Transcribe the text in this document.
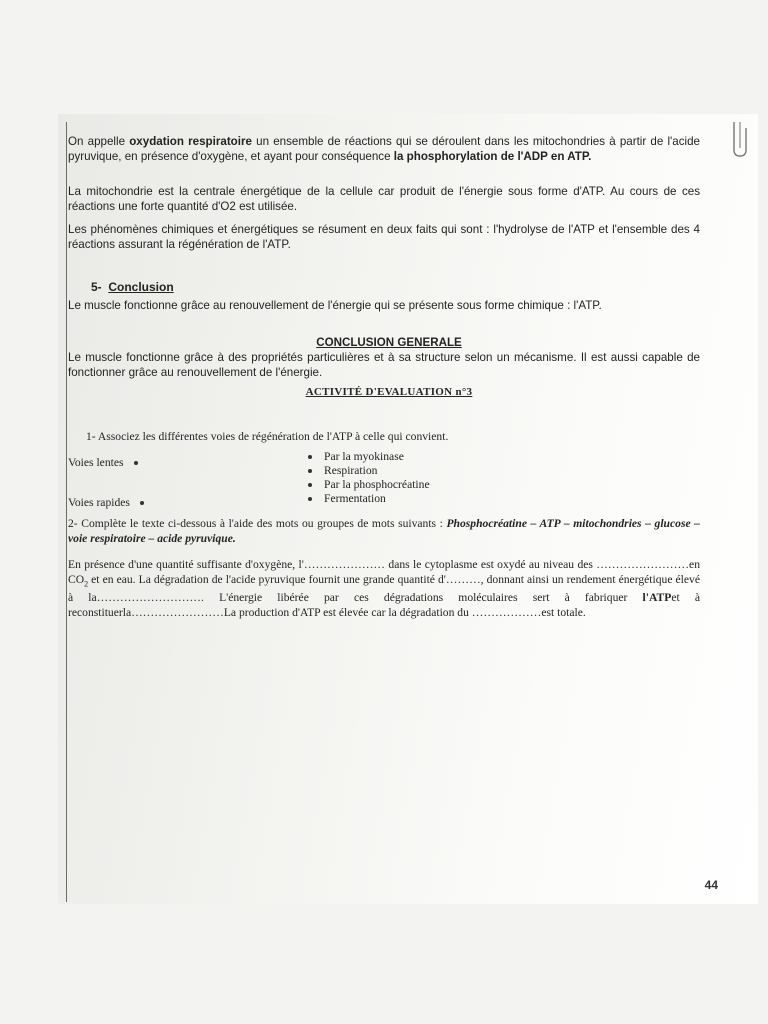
On appelle oxydation respiratoire un ensemble de réactions qui se déroulent dans les mitochondries à partir de l'acide pyruvique, en présence d'oxygène, et ayant pour conséquence la phosphorylation de l'ADP en ATP.

La mitochondrie est la centrale énergétique de la cellule car produit de l'énergie sous forme d'ATP. Au cours de ces réactions une forte quantité d'O2 est utilisée.

Les phénomènes chimiques et énergétiques se résument en deux faits qui sont : l'hydrolyse de l'ATP et l'ensemble des 4 réactions assurant la régénération de l'ATP.

5- Conclusion

Le muscle fonctionne grâce au renouvellement de l'énergie qui se présente sous forme chimique : l'ATP.

CONCLUSION GENERALE

Le muscle fonctionne grâce à des propriétés particulières et à sa structure selon un mécanisme. Il est aussi capable de fonctionner grâce au renouvellement de l'énergie.

ACTIVITÉ D'EVALUATION n°3
1- Associez les différentes voies de régénération de l'ATP à celle qui convient.
Voies lentes
Voies rapides
Par la myokinase
Respiration
Par la phosphocréatine
Fermentation

2- Complète le texte ci-dessous à l'aide des mots ou groupes de mots suivants : Phosphocréatine – ATP – mitochondries – glucose – voie respiratoire – acide pyruvique.

En présence d'une quantité suffisante d'oxygène, l'………………… dans le cytoplasme est oxydé au niveau des ……………………en $CO_2$ et en eau. La dégradation de l'acide pyruvique fournit une grande quantité d'………, donnant ainsi un rendement énergétique élevé à la………………………. L'énergie libérée par ces dégradations moléculaires sert à fabriquer l'ATPet à reconstituerla……………………La production d'ATP est élevée car la dégradation du ………………est totale.

44
